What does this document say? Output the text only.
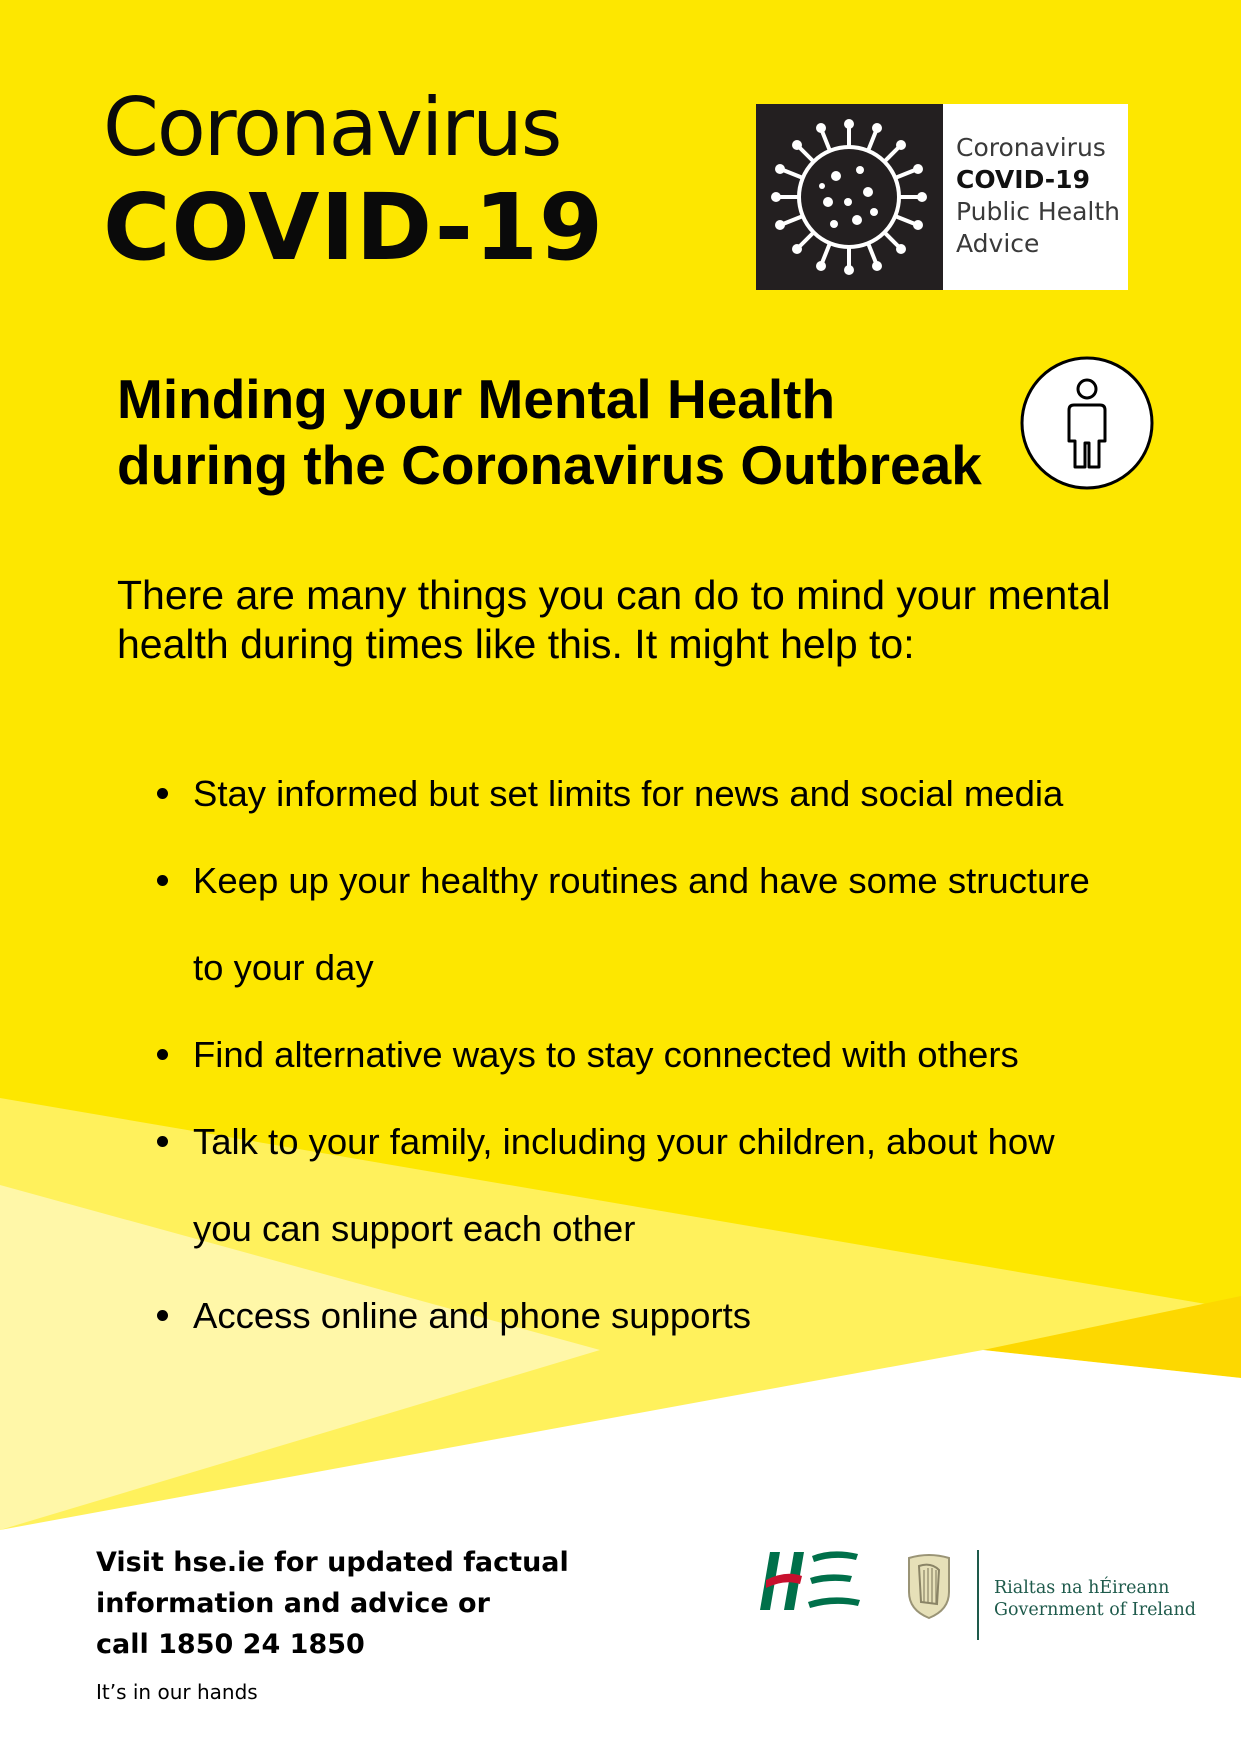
Coronavirus
COVID-19
Coronavirus
COVID-19
Public Health
Advice
Minding your Mental Health
during the Coronavirus Outbreak
There are many things you can do to mind your mental
health during times like this. It might help to:
Stay informed but set limits for news and social media
Keep up your healthy routines and have some structure
to your day
Find alternative ways to stay connected with others
Talk to your family, including your children, about how
you can support each other
Access online and phone supports
Visit hse.ie for updated factual
information and advice or
call 1850 24 1850
It’s in our hands
Rialtas na hÉireann
Government of Ireland
